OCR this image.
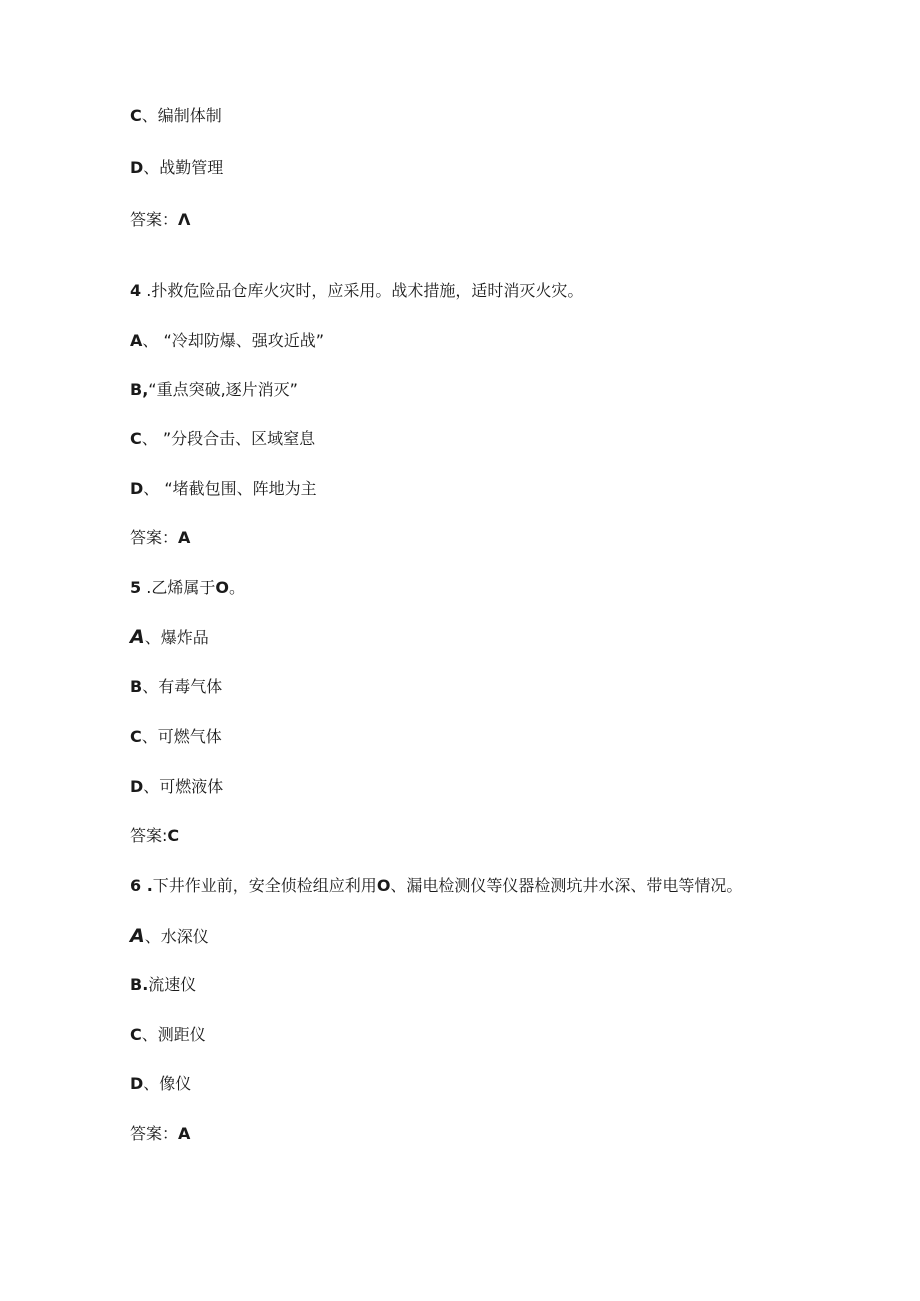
C、编制体制
D、战勤管理
答案：Λ
4 .扑救危险品仓库火灾时，应采用。战术措施，适时消灭火灾。
A、 “冷却防爆、强攻近战”
B,“重点突破,逐片消灭”
C、 ”分段合击、区域窒息
D、 “堵截包围、阵地为主
答案：A
5 .乙烯属于O。
A、爆炸品
B、有毒气体
C、可燃气体
D、可燃液体
答案:C
6 .下井作业前，安全侦检组应利用O、漏电检测仪等仪器检测坑井水深、带电等情况。
A、水深仪
B.流速仪
C、测距仪
D、像仪
答案：A
